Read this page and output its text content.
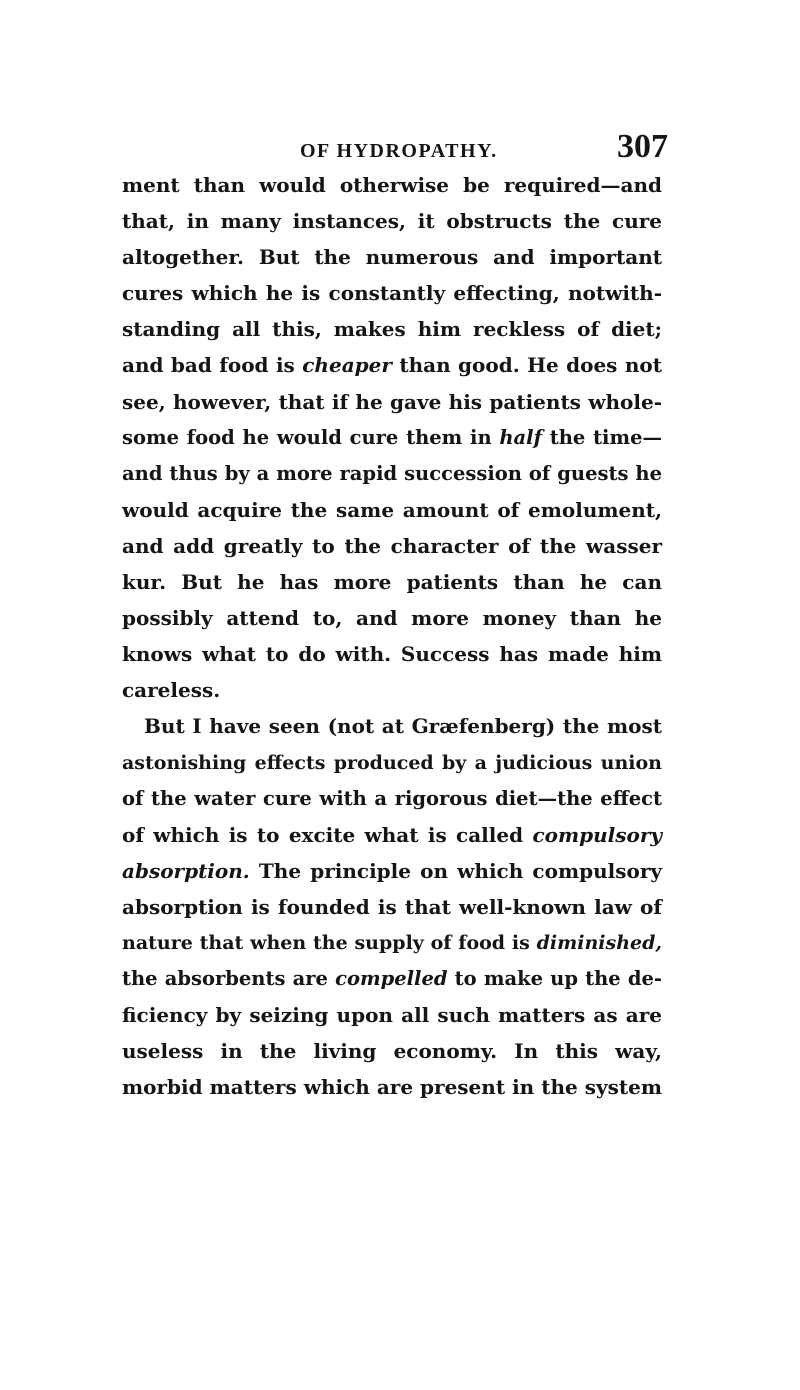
OF HYDROPATHY.	307
ment than would otherwise be required—and
that, in many instances, it obstructs the cure
altogether. But the numerous and important
cures which he is constantly effecting, notwith-
standing all this, makes him reckless of diet;
and bad food is cheaper than good. He does not
see, however, that if he gave his patients whole-
some food he would cure them in half the time—
and thus by a more rapid succession of guests he
would acquire the same amount of emolument,
and add greatly to the character of the wasser
kur. But he has more patients than he can
possibly attend to, and more money than he
knows what to do with. Success has made him
careless.
But I have seen (not at Græfenberg) the most
astonishing effects produced by a judicious union
of the water cure with a rigorous diet—the effect
of which is to excite what is called compulsory
absorption. The principle on which compulsory
absorption is founded is that well-known law of
nature that when the supply of food is diminished,
the absorbents are compelled to make up the de-
ficiency by seizing upon all such matters as are
useless in the living economy. In this way,
morbid matters which are present in the system
